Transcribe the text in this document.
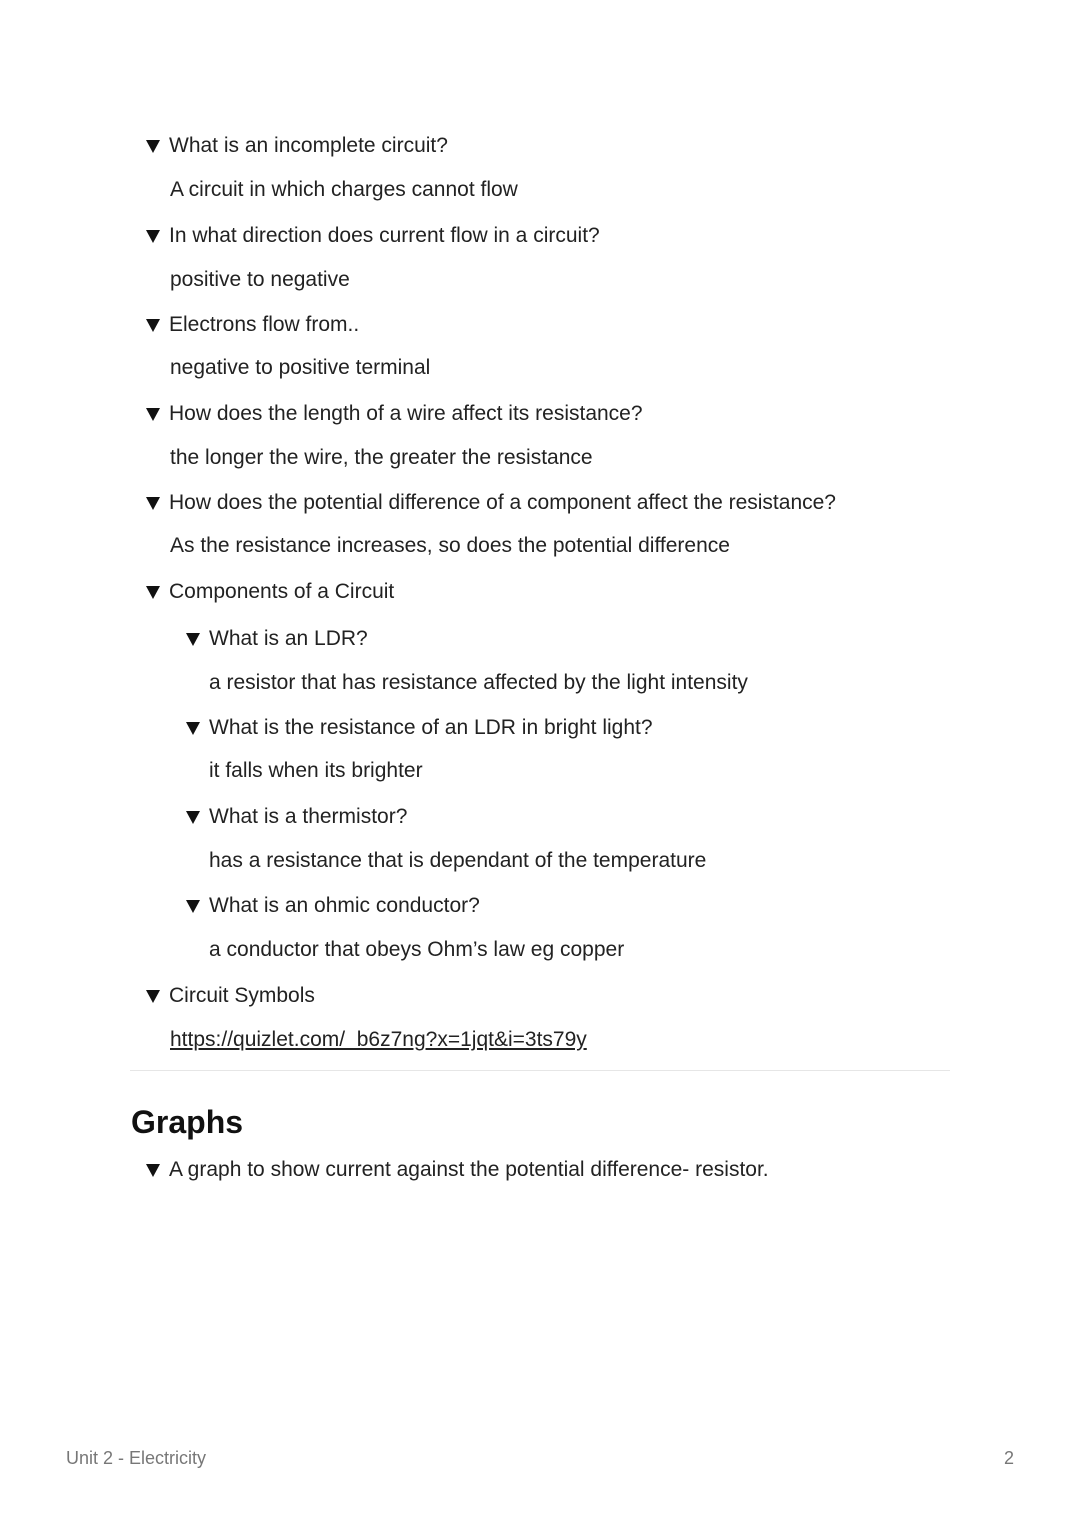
What is an incomplete circuit?
A circuit in which charges cannot flow
In what direction does current flow in a circuit?
positive to negative
Electrons flow from..
negative to positive terminal
How does the length of a wire affect its resistance?
the longer the wire, the greater the resistance
How does the potential difference of a component affect the resistance?
As the resistance increases, so does the potential difference
Components of a Circuit
What is an LDR?
a resistor that has resistance affected by the light intensity
What is the resistance of an LDR in bright light?
it falls when its brighter
What is a thermistor?
has a resistance that is dependant of the temperature
What is an ohmic conductor?
a conductor that obeys Ohm’s law eg copper
Circuit Symbols
https://quizlet.com/_b6z7ng?x=1jqt&i=3ts79y
Graphs
A graph to show current against the potential difference- resistor.
Unit 2 - Electricity	2
